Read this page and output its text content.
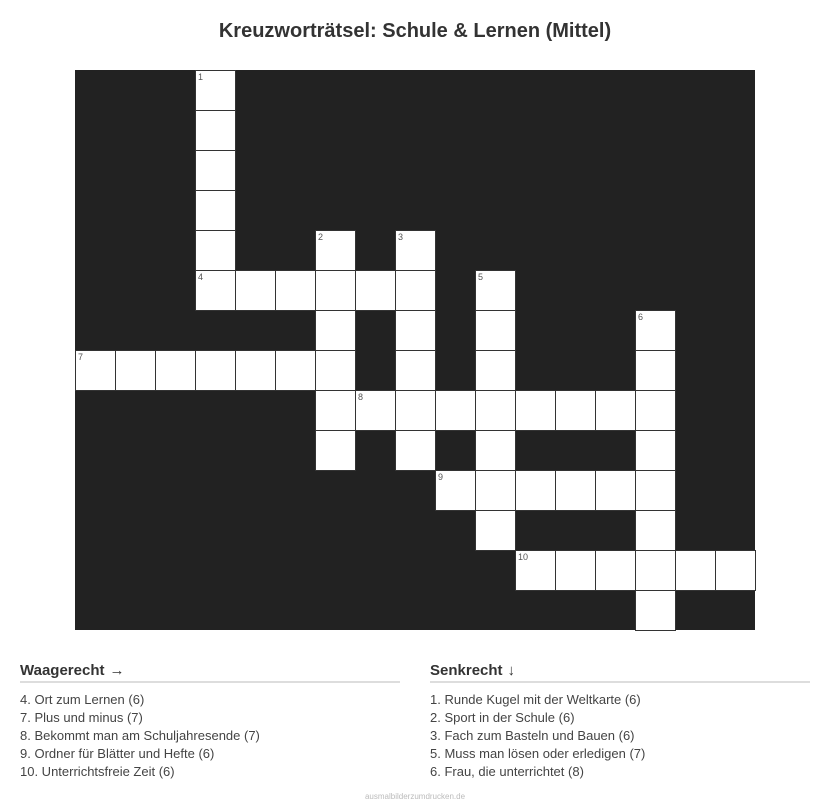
Kreuzworträtsel: Schule & Lernen (Mittel)
1
2	3
4	5
6
7
8
9
10
Waagerecht →
4. Ort zum Lernen (6)
7. Plus und minus (7)
8. Bekommt man am Schuljahresende (7)
9. Ordner für Blätter und Hefte (6)
10. Unterrichtsfreie Zeit (6)
Senkrecht ↓
1. Runde Kugel mit der Weltkarte (6)
2. Sport in der Schule (6)
3. Fach zum Basteln und Bauen (6)
5. Muss man lösen oder erledigen (7)
6. Frau, die unterrichtet (8)
ausmalbilderzumdrucken.de
